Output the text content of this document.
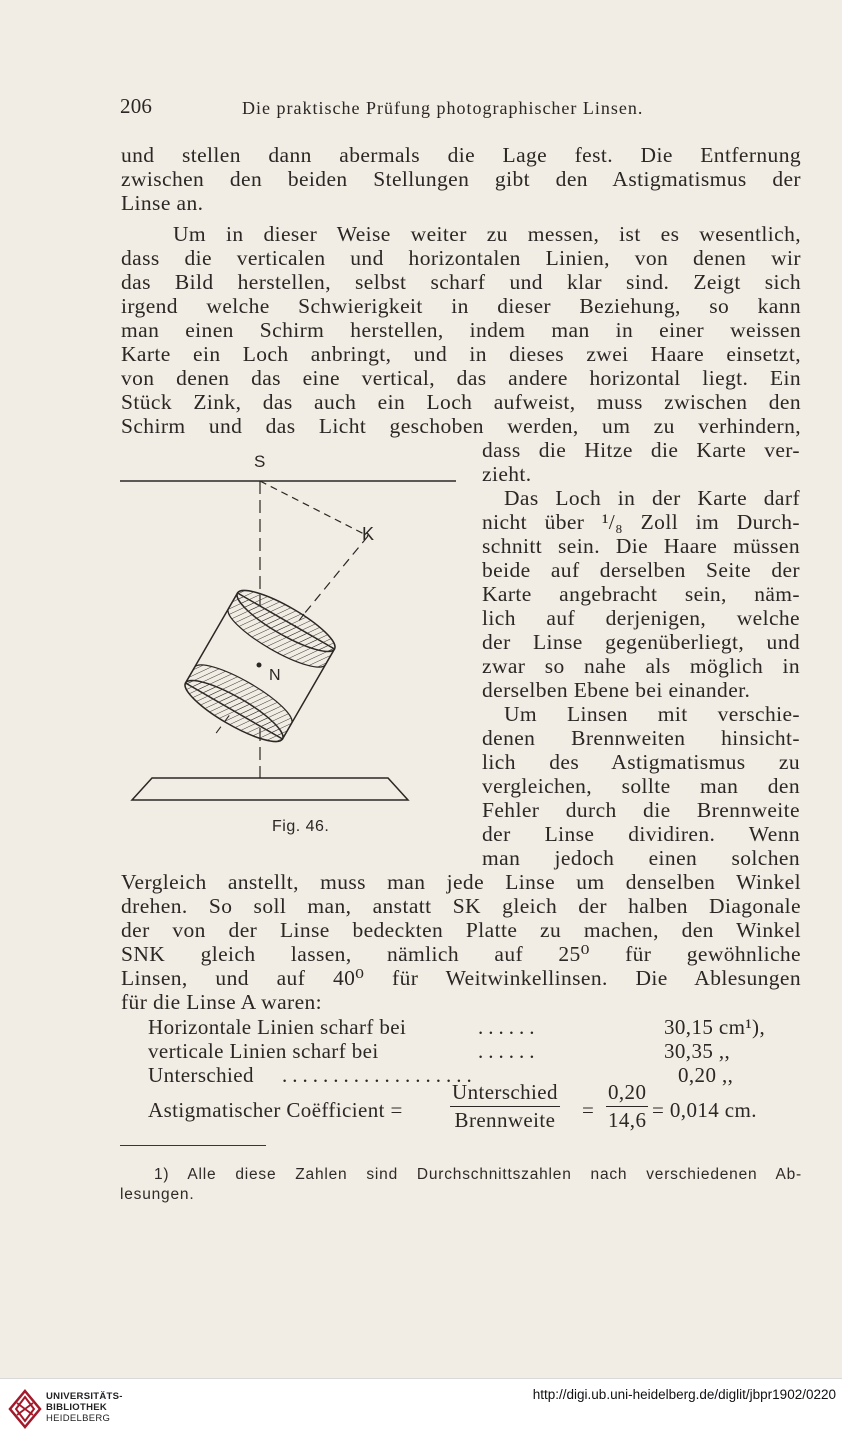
206	Die praktische Prüfung photographischer Linsen.
und stellen dann abermals die Lage fest. Die Entfernung
zwischen den beiden Stellungen gibt den Astigmatismus der
Linse an.
Um in dieser Weise weiter zu messen, ist es wesentlich,
dass die verticalen und horizontalen Linien, von denen wir
das Bild herstellen, selbst scharf und klar sind. Zeigt sich
irgend welche Schwierigkeit in dieser Beziehung, so kann
man einen Schirm herstellen, indem man in einer weissen
Karte ein Loch anbringt, und in dieses zwei Haare einsetzt,
von denen das eine vertical, das andere horizontal liegt. Ein
Stück Zink, das auch ein Loch aufweist, muss zwischen den
Schirm und das Licht geschoben werden, um zu verhindern,
dass die Hitze die Karte ver-
zieht.
Das Loch in der Karte darf
nicht über ¹/₈ Zoll im Durch-
schnitt sein. Die Haare müssen
beide auf derselben Seite der
Karte angebracht sein, näm-
lich auf derjenigen, welche
der Linse gegenüberliegt, und
zwar so nahe als möglich in
derselben Ebene bei einander.
Um Linsen mit verschie-
denen Brennweiten hinsicht-
lich des Astigmatismus zu
vergleichen, sollte man den
Fehler durch die Brennweite
der Linse dividiren. Wenn
man jedoch einen solchen
Vergleich anstellt, muss man jede Linse um denselben Winkel
drehen. So soll man, anstatt SK gleich der halben Diagonale
der von der Linse bedeckten Platte zu machen, den Winkel
SNK gleich lassen, nämlich auf 25⁰ für gewöhnliche
Linsen, und auf 40⁰ für Weitwinkellinsen. Die Ablesungen
für die Linse A waren:
Horizontale Linien scharf bei	......	30,15 cm¹),
verticale Linien scharf bei	......	30,35 ,,
Unterschied ...................	0,20 ,,
Astigmatischer Coëfficient =
Unterschied
Brennweite = $\frac{0,20}{14,6} = 0,014$ cm.
S
K
N
Fig. 46.
1) Alle diese Zahlen sind Durchschnittszahlen nach verschiedenen Ab-
lesungen.
UNIVERSITÄTS-
BIBLIOTHEK
HEIDELBERG
http://digi.ub.uni-heidelberg.de/diglit/jbpr1902/0220
